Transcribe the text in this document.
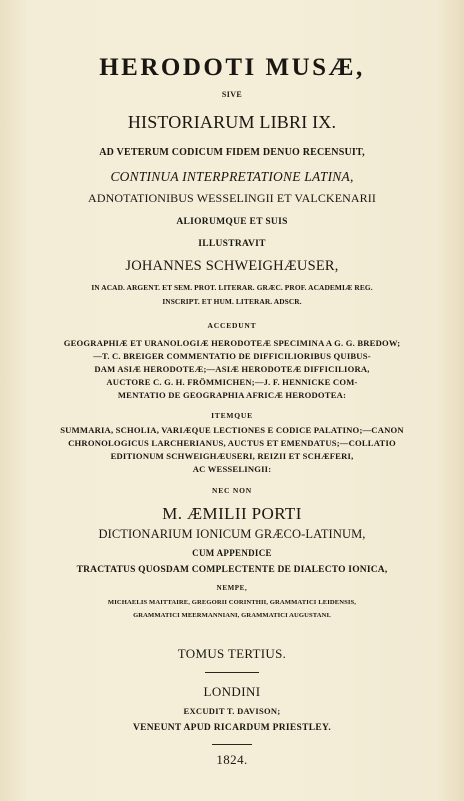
HERODOTI MUSÆ,

SIVE

HISTORIARUM LIBRI IX.

AD VETERUM CODICUM FIDEM DENUO RECENSUIT,

CONTINUA INTERPRETATIONE LATINA,

ADNOTATIONIBUS WESSELINGII ET VALCKENARII

ALIORUMQUE ET SUIS

ILLUSTRAVIT

JOHANNES SCHWEIGHÆUSER,

IN ACAD. ARGENT. ET SEM. PROT. LITERAR. GRÆC. PROF. ACADEMIÆ REG.

INSCRIPT. ET HUM. LITERAR. ADSCR.

ACCEDUNT

GEOGRAPHIÆ ET URANOLOGIÆ HERODOTEÆ SPECIMINA A G. G. BREDOW;

—T. C. BREIGER COMMENTATIO DE DIFFICILIORIBUS QUIBUS-

DAM ASIÆ HERODOTEÆ;—ASIÆ HERODOTEÆ DIFFICILIORA,

AUCTORE C. G. H. FRÖMMICHEN;—J. F. HENNICKE COM-

MENTATIO DE GEOGRAPHIA AFRICÆ HERODOTEA:

ITEMQUE

SUMMARIA, SCHOLIA, VARIÆQUE LECTIONES E CODICE PALATINO;—CANON

CHRONOLOGICUS LARCHERIANUS, AUCTUS ET EMENDATUS;—COLLATIO

EDITIONUM SCHWEIGHÆUSERI, REIZII ET SCHÆFERI,

AC WESSELINGII:

NEC NON

M. ÆMILII PORTI

DICTIONARIUM IONICUM GRÆCO-LATINUM,

CUM APPENDICE

TRACTATUS QUOSDAM COMPLECTENTE DE DIALECTO IONICA,

NEMPE,

MICHAELIS MAITTAIRE, GREGORII CORINTHII, GRAMMATICI LEIDENSIS,

GRAMMATICI MEERMANNIANI, GRAMMATICI AUGUSTANI.

TOMUS TERTIUS.

LONDINI

EXCUDIT T. DAVISON;

VENEUNT APUD RICARDUM PRIESTLEY.

1824.
